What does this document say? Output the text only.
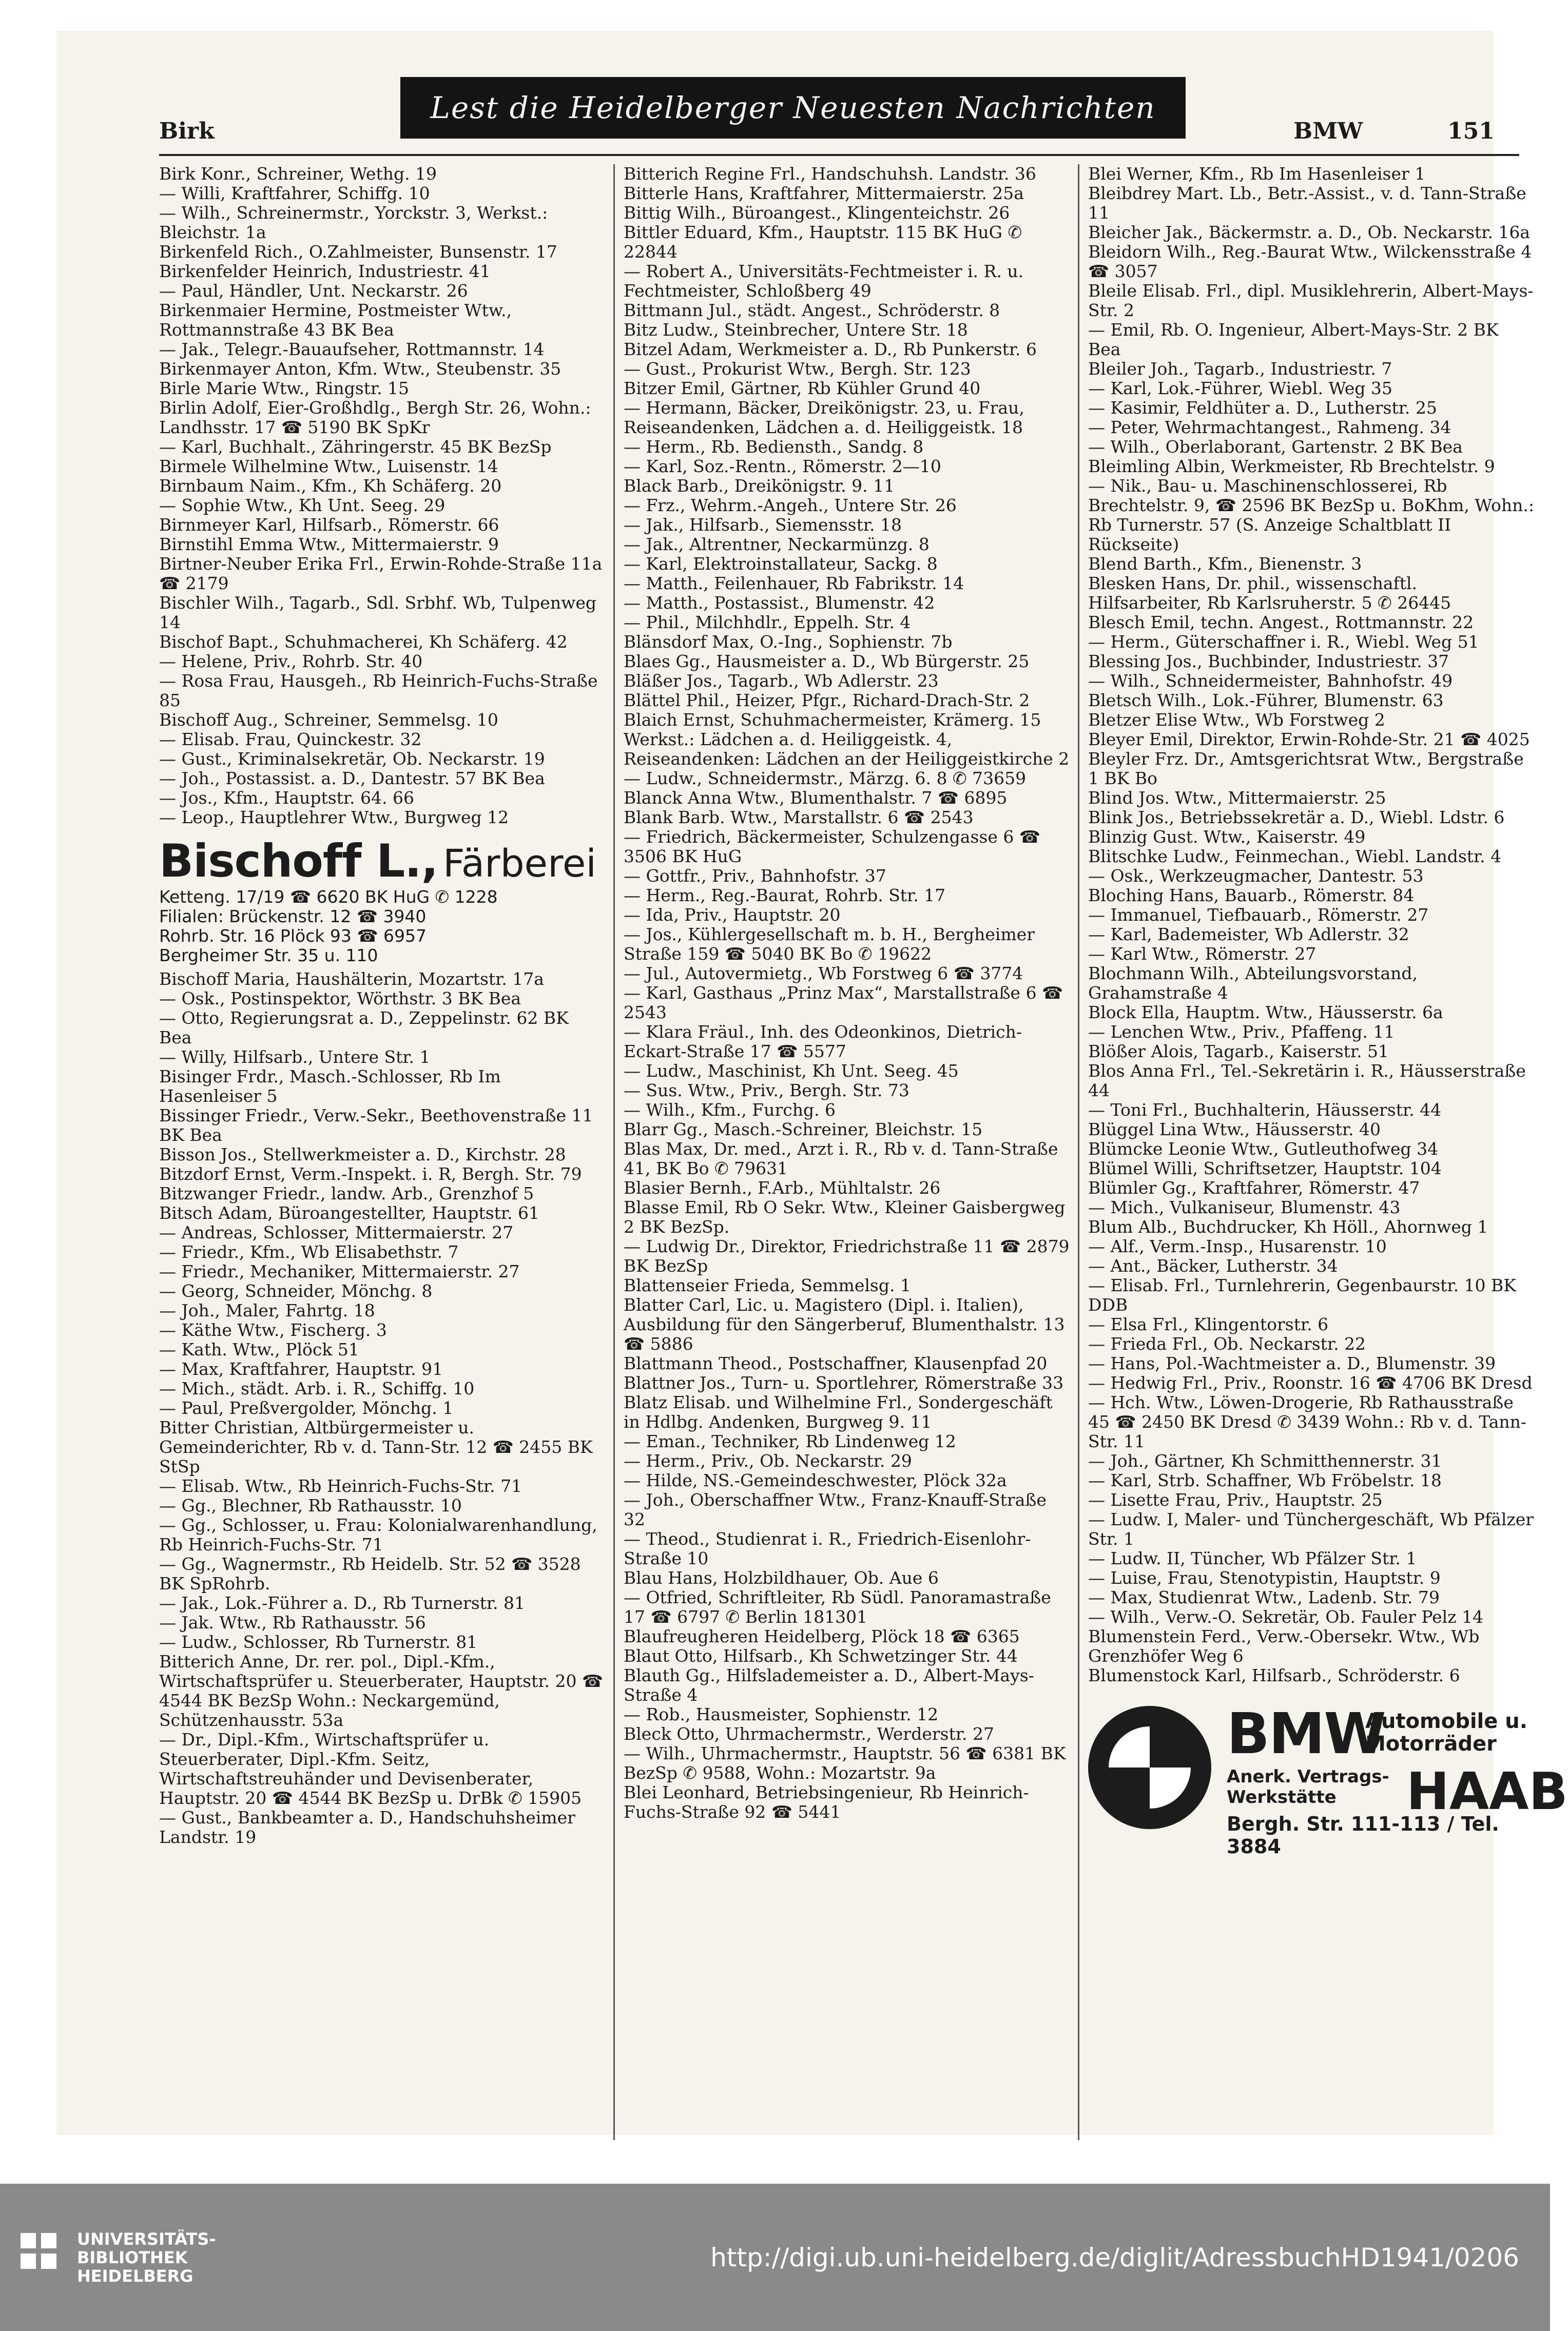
Birk
Lest die Heidelberger Neuesten Nachrichten
BMW	151

Birk Konr., Schreiner, Wethg. 19

— Willi, Kraftfahrer, Schiffg. 10

— Wilh., Schreinermstr., Yorckstr. 3, Werkst.: Bleichstr. 1a

Birkenfeld Rich., O.Zahlmeister, Bunsenstr. 17

Birkenfelder Heinrich, Industriestr. 41

— Paul, Händler, Unt. Neckarstr. 26

Birkenmaier Hermine, Postmeister Wtw., Rottmannstraße 43 BK Bea

— Jak., Telegr.-Bauaufseher, Rottmannstr. 14

Birkenmayer Anton, Kfm. Wtw., Steubenstr. 35

Birle Marie Wtw., Ringstr. 15

Birlin Adolf, Eier-Großhdlg., Bergh Str. 26, Wohn.: Landhsstr. 17 ☎ 5190 BK SpKr

— Karl, Buchhalt., Zähringerstr. 45 BK BezSp

Birmele Wilhelmine Wtw., Luisenstr. 14

Birnbaum Naim., Kfm., Kh Schäferg. 20

— Sophie Wtw., Kh Unt. Seeg. 29

Birnmeyer Karl, Hilfsarb., Römerstr. 66

Birnstihl Emma Wtw., Mittermaierstr. 9

Birtner-Neuber Erika Frl., Erwin-Rohde-Straße 11a ☎ 2179

Bischler Wilh., Tagarb., Sdl. Srbhf. Wb, Tulpenweg 14

Bischof Bapt., Schuhmacherei, Kh Schäferg. 42

— Helene, Priv., Rohrb. Str. 40

— Rosa Frau, Hausgeh., Rb Heinrich-Fuchs-Straße 85

Bischoff Aug., Schreiner, Semmelsg. 10

— Elisab. Frau, Quinckestr. 32

— Gust., Kriminalsekretär, Ob. Neckarstr. 19

— Joh., Postassist. a. D., Dantestr. 57 BK Bea

— Jos., Kfm., Hauptstr. 64. 66

— Leop., Hauptlehrer Wtw., Burgweg 12

Bischoff L., Färberei

Ketteng. 17/19 ☎ 6620 BK HuG ✆ 1228

Filialen: Brückenstr. 12 ☎ 3940

Rohrb. Str. 16 Plöck 93 ☎ 6957

Bergheimer Str. 35 u. 110

Bischoff Maria, Haushälterin, Mozartstr. 17a

— Osk., Postinspektor, Wörthstr. 3 BK Bea

— Otto, Regierungsrat a. D., Zeppelinstr. 62 BK Bea

— Willy, Hilfsarb., Untere Str. 1

Bisinger Frdr., Masch.-Schlosser, Rb Im Hasenleiser 5

Bissinger Friedr., Verw.-Sekr., Beethovenstraße 11 BK Bea

Bisson Jos., Stellwerkmeister a. D., Kirchstr. 28

Bitzdorf Ernst, Verm.-Inspekt. i. R, Bergh. Str. 79

Bitzwanger Friedr., landw. Arb., Grenzhof 5

Bitsch Adam, Büroangestellter, Hauptstr. 61

— Andreas, Schlosser, Mittermaierstr. 27

— Friedr., Kfm., Wb Elisabethstr. 7

— Friedr., Mechaniker, Mittermaierstr. 27

— Georg, Schneider, Mönchg. 8

— Joh., Maler, Fahrtg. 18

— Käthe Wtw., Fischerg. 3

— Kath. Wtw., Plöck 51

— Max, Kraftfahrer, Hauptstr. 91

— Mich., städt. Arb. i. R., Schiffg. 10

— Paul, Preßvergolder, Mönchg. 1

Bitter Christian, Altbürgermeister u. Gemeinderichter, Rb v. d. Tann-Str. 12 ☎ 2455 BK StSp

— Elisab. Wtw., Rb Heinrich-Fuchs-Str. 71

— Gg., Blechner, Rb Rathausstr. 10

— Gg., Schlosser, u. Frau: Kolonialwarenhandlung, Rb Heinrich-Fuchs-Str. 71

— Gg., Wagnermstr., Rb Heidelb. Str. 52 ☎ 3528 BK SpRohrb.

— Jak., Lok.-Führer a. D., Rb Turnerstr. 81

— Jak. Wtw., Rb Rathausstr. 56

— Ludw., Schlosser, Rb Turnerstr. 81

Bitterich Anne, Dr. rer. pol., Dipl.-Kfm., Wirtschaftsprüfer u. Steuerberater, Hauptstr. 20 ☎ 4544 BK BezSp Wohn.: Neckargemünd, Schützenhausstr. 53a

— Dr., Dipl.-Kfm., Wirtschaftsprüfer u. Steuerberater, Dipl.-Kfm. Seitz, Wirtschaftstreuhänder und Devisenberater, Hauptstr. 20 ☎ 4544 BK BezSp u. DrBk ✆ 15905

— Gust., Bankbeamter a. D., Handschuhsheimer Landstr. 19

Bitterich Regine Frl., Handschuhsh. Landstr. 36

Bitterle Hans, Kraftfahrer, Mittermaierstr. 25a

Bittig Wilh., Büroangest., Klingenteichstr. 26

Bittler Eduard, Kfm., Hauptstr. 115 BK HuG ✆ 22844

— Robert A., Universitäts-Fechtmeister i. R. u. Fechtmeister, Schloßberg 49

Bittmann Jul., städt. Angest., Schröderstr. 8

Bitz Ludw., Steinbrecher, Untere Str. 18

Bitzel Adam, Werkmeister a. D., Rb Punkerstr. 6

— Gust., Prokurist Wtw., Bergh. Str. 123

Bitzer Emil, Gärtner, Rb Kühler Grund 40

— Hermann, Bäcker, Dreikönigstr. 23, u. Frau, Reiseandenken, Lädchen a. d. Heiliggeistk. 18

— Herm., Rb. Bediensth., Sandg. 8

— Karl, Soz.-Rentn., Römerstr. 2—10

Black Barb., Dreikönigstr. 9. 11

— Frz., Wehrm.-Angeh., Untere Str. 26

— Jak., Hilfsarb., Siemensstr. 18

— Jak., Altrentner, Neckarmünzg. 8

— Karl, Elektroinstallateur, Sackg. 8

— Matth., Feilenhauer, Rb Fabrikstr. 14

— Matth., Postassist., Blumenstr. 42

— Phil., Milchhdlr., Eppelh. Str. 4

Blänsdorf Max, O.-Ing., Sophienstr. 7b

Blaes Gg., Hausmeister a. D., Wb Bürgerstr. 25

Bläßer Jos., Tagarb., Wb Adlerstr. 23

Blättel Phil., Heizer, Pfgr., Richard-Drach-Str. 2

Blaich Ernst, Schuhmachermeister, Krämerg. 15 Werkst.: Lädchen a. d. Heiliggeistk. 4, Reiseandenken: Lädchen an der Heiliggeistkirche 2

— Ludw., Schneidermstr., Märzg. 6. 8 ✆ 73659

Blanck Anna Wtw., Blumenthalstr. 7 ☎ 6895

Blank Barb. Wtw., Marstallstr. 6 ☎ 2543

— Friedrich, Bäckermeister, Schulzengasse 6 ☎ 3506 BK HuG

— Gottfr., Priv., Bahnhofstr. 37

— Herm., Reg.-Baurat, Rohrb. Str. 17

— Ida, Priv., Hauptstr. 20

— Jos., Kühlergesellschaft m. b. H., Bergheimer Straße 159 ☎ 5040 BK Bo ✆ 19622

— Jul., Autovermietg., Wb Forstweg 6 ☎ 3774

— Karl, Gasthaus „Prinz Max“, Marstallstraße 6 ☎ 2543

— Klara Fräul., Inh. des Odeonkinos, Dietrich-Eckart-Straße 17 ☎ 5577

— Ludw., Maschinist, Kh Unt. Seeg. 45

— Sus. Wtw., Priv., Bergh. Str. 73

— Wilh., Kfm., Furchg. 6

Blarr Gg., Masch.-Schreiner, Bleichstr. 15

Blas Max, Dr. med., Arzt i. R., Rb v. d. Tann-Straße 41, BK Bo ✆ 79631

Blasier Bernh., F.Arb., Mühltalstr. 26

Blasse Emil, Rb O Sekr. Wtw., Kleiner Gaisbergweg 2 BK BezSp.

— Ludwig Dr., Direktor, Friedrichstraße 11 ☎ 2879 BK BezSp

Blattenseier Frieda, Semmelsg. 1

Blatter Carl, Lic. u. Magistero (Dipl. i. Italien), Ausbildung für den Sängerberuf, Blumenthalstr. 13 ☎ 5886

Blattmann Theod., Postschaffner, Klausenpfad 20

Blattner Jos., Turn- u. Sportlehrer, Römerstraße 33

Blatz Elisab. und Wilhelmine Frl., Sondergeschäft in Hdlbg. Andenken, Burgweg 9. 11

— Eman., Techniker, Rb Lindenweg 12

— Herm., Priv., Ob. Neckarstr. 29

— Hilde, NS.-Gemeindeschwester, Plöck 32a

— Joh., Oberschaffner Wtw., Franz-Knauff-Straße 32

— Theod., Studienrat i. R., Friedrich-Eisenlohr-Straße 10

Blau Hans, Holzbildhauer, Ob. Aue 6

— Otfried, Schriftleiter, Rb Südl. Panoramastraße 17 ☎ 6797 ✆ Berlin 181301

Blaufreugheren Heidelberg, Plöck 18 ☎ 6365

Blaut Otto, Hilfsarb., Kh Schwetzinger Str. 44

Blauth Gg., Hilfslademeister a. D., Albert-Mays-Straße 4

— Rob., Hausmeister, Sophienstr. 12

Bleck Otto, Uhrmachermstr., Werderstr. 27

— Wilh., Uhrmachermstr., Hauptstr. 56 ☎ 6381 BK BezSp ✆ 9588, Wohn.: Mozartstr. 9a

Blei Leonhard, Betriebsingenieur, Rb Heinrich-Fuchs-Straße 92 ☎ 5441

Blei Werner, Kfm., Rb Im Hasenleiser 1

Bleibdrey Mart. Lb., Betr.-Assist., v. d. Tann-Straße 11

Bleicher Jak., Bäckermstr. a. D., Ob. Neckarstr. 16a

Bleidorn Wilh., Reg.-Baurat Wtw., Wilckensstraße 4 ☎ 3057

Bleile Elisab. Frl., dipl. Musiklehrerin, Albert-Mays-Str. 2

— Emil, Rb. O. Ingenieur, Albert-Mays-Str. 2 BK Bea

Bleiler Joh., Tagarb., Industriestr. 7

— Karl, Lok.-Führer, Wiebl. Weg 35

— Kasimir, Feldhüter a. D., Lutherstr. 25

— Peter, Wehrmachtangest., Rahmeng. 34

— Wilh., Oberlaborant, Gartenstr. 2 BK Bea

Bleimling Albin, Werkmeister, Rb Brechtelstr. 9

— Nik., Bau- u. Maschinenschlosserei, Rb Brechtelstr. 9, ☎ 2596 BK BezSp u. BoKhm, Wohn.: Rb Turnerstr. 57 (S. Anzeige Schaltblatt II Rückseite)

Blend Barth., Kfm., Bienenstr. 3

Blesken Hans, Dr. phil., wissenschaftl. Hilfsarbeiter, Rb Karlsruherstr. 5 ✆ 26445

Blesch Emil, techn. Angest., Rottmannstr. 22

— Herm., Güterschaffner i. R., Wiebl. Weg 51

Blessing Jos., Buchbinder, Industriestr. 37

— Wilh., Schneidermeister, Bahnhofstr. 49

Bletsch Wilh., Lok.-Führer, Blumenstr. 63

Bletzer Elise Wtw., Wb Forstweg 2

Bleyer Emil, Direktor, Erwin-Rohde-Str. 21 ☎ 4025

Bleyler Frz. Dr., Amtsgerichtsrat Wtw., Bergstraße 1 BK Bo

Blind Jos. Wtw., Mittermaierstr. 25

Blink Jos., Betriebssekretär a. D., Wiebl. Ldstr. 6

Blinzig Gust. Wtw., Kaiserstr. 49

Blitschke Ludw., Feinmechan., Wiebl. Landstr. 4

— Osk., Werkzeugmacher, Dantestr. 53

Bloching Hans, Bauarb., Römerstr. 84

— Immanuel, Tiefbauarb., Römerstr. 27

— Karl, Bademeister, Wb Adlerstr. 32

— Karl Wtw., Römerstr. 27

Blochmann Wilh., Abteilungsvorstand, Grahamstraße 4

Block Ella, Hauptm. Wtw., Häusserstr. 6a

— Lenchen Wtw., Priv., Pfaffeng. 11

Blößer Alois, Tagarb., Kaiserstr. 51

Blos Anna Frl., Tel.-Sekretärin i. R., Häusserstraße 44

— Toni Frl., Buchhalterin, Häusserstr. 44

Blüggel Lina Wtw., Häusserstr. 40

Blümcke Leonie Wtw., Gutleuthofweg 34

Blümel Willi, Schriftsetzer, Hauptstr. 104

Blümler Gg., Kraftfahrer, Römerstr. 47

— Mich., Vulkaniseur, Blumenstr. 43

Blum Alb., Buchdrucker, Kh Höll., Ahornweg 1

— Alf., Verm.-Insp., Husarenstr. 10

— Ant., Bäcker, Lutherstr. 34

— Elisab. Frl., Turnlehrerin, Gegenbaurstr. 10 BK DDB

— Elsa Frl., Klingentorstr. 6

— Frieda Frl., Ob. Neckarstr. 22

— Hans, Pol.-Wachtmeister a. D., Blumenstr. 39

— Hedwig Frl., Priv., Roonstr. 16 ☎ 4706 BK Dresd

— Hch. Wtw., Löwen-Drogerie, Rb Rathausstraße 45 ☎ 2450 BK Dresd ✆ 3439 Wohn.: Rb v. d. Tann-Str. 11

— Joh., Gärtner, Kh Schmitthennerstr. 31

— Karl, Strb. Schaffner, Wb Fröbelstr. 18

— Lisette Frau, Priv., Hauptstr. 25

— Ludw. I, Maler- und Tünchergeschäft, Wb Pfälzer Str. 1

— Ludw. II, Tüncher, Wb Pfälzer Str. 1

— Luise, Frau, Stenotypistin, Hauptstr. 9

— Max, Studienrat Wtw., Ladenb. Str. 79

— Wilh., Verw.-O. Sekretär, Ob. Fauler Pelz 14

Blumenstein Ferd., Verw.-Obersekr. Wtw., Wb Grenzhöfer Weg 6

Blumenstock Karl, Hilfsarb., Schröderstr. 6

BMW
Automobile u.
Motorräder
Anerk. Vertrags-
Werkstätte	HAAB
Bergh. Str. 111-113 / Tel. 3884
UNIVERSITÄTS-
BIBLIOTHEK
HEIDELBERG
http://digi.ub.uni-heidelberg.de/diglit/AdressbuchHD1941/0206
